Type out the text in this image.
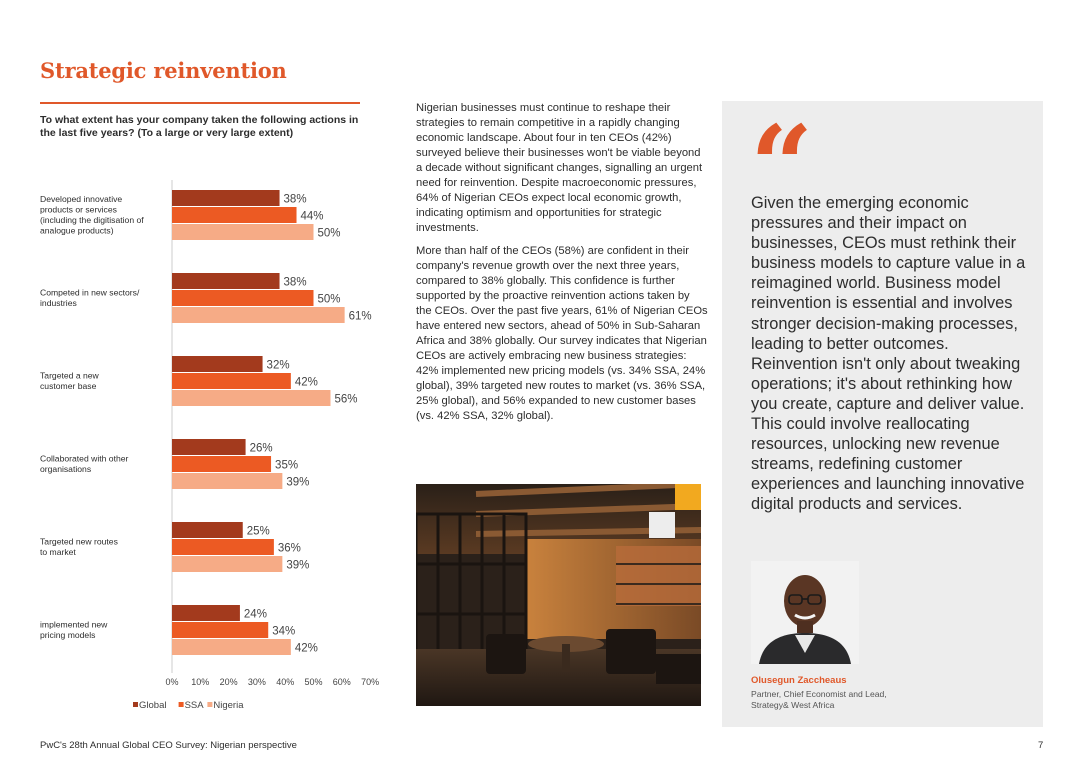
Strategic reinvention
To what extent has your company taken the following actions in the last five years? (To a large or very large extent)
Developed innovative
products or services
(including the digitisation of
analogue products)
38%
44%
50%
Competed in new sectors/
industries
38%
50%
61%
Targeted a new
customer base
32%
42%
56%
Collaborated with other
organisations
26%
35%
39%
Targeted new routes
to market
25%
36%
39%
implemented new
pricing models
24%
34%
42%
0% 10% 20% 30% 40% 50% 60% 70%
Global SSA Nigeria

Nigerian businesses must continue to reshape their strategies to remain competitive in a rapidly changing economic landscape. About four in ten CEOs (42%) surveyed believe their businesses won't be viable beyond a decade without significant changes, signalling an urgent need for reinvention. Despite macroeconomic pressures, 64% of Nigerian CEOs expect local economic growth, indicating optimism and opportunities for strategic investments.

More than half of the CEOs (58%) are confident in their company's revenue growth over the next three years, compared to 38% globally. This confidence is further supported by the proactive reinvention actions taken by the CEOs. Over the past five years, 61% of Nigerian CEOs have entered new sectors, ahead of 50% in Sub-Saharan Africa and 38% globally. Our survey indicates that Nigerian CEOs are actively embracing new business strategies: 42% implemented new pricing models (vs. 34% SSA, 24% global), 39% targeted new routes to market (vs. 36% SSA, 25% global), and 56% expanded to new customer bases (vs. 42% SSA, 32% global).

“
Given the emerging economic pressures and their impact on businesses, CEOs must rethink their business models to capture value in a reimagined world. Business model reinvention is essential and involves stronger decision-making processes, leading to better outcomes. Reinvention isn't only about tweaking operations; it's about rethinking how you create, capture and deliver value. This could involve reallocating resources, unlocking new revenue streams, redefining customer experiences and launching innovative digital products and services.
Olusegun Zaccheaus
Partner, Chief Economist and Lead, Strategy& West Africa
PwC's 28th Annual Global CEO Survey: Nigerian perspective	7
